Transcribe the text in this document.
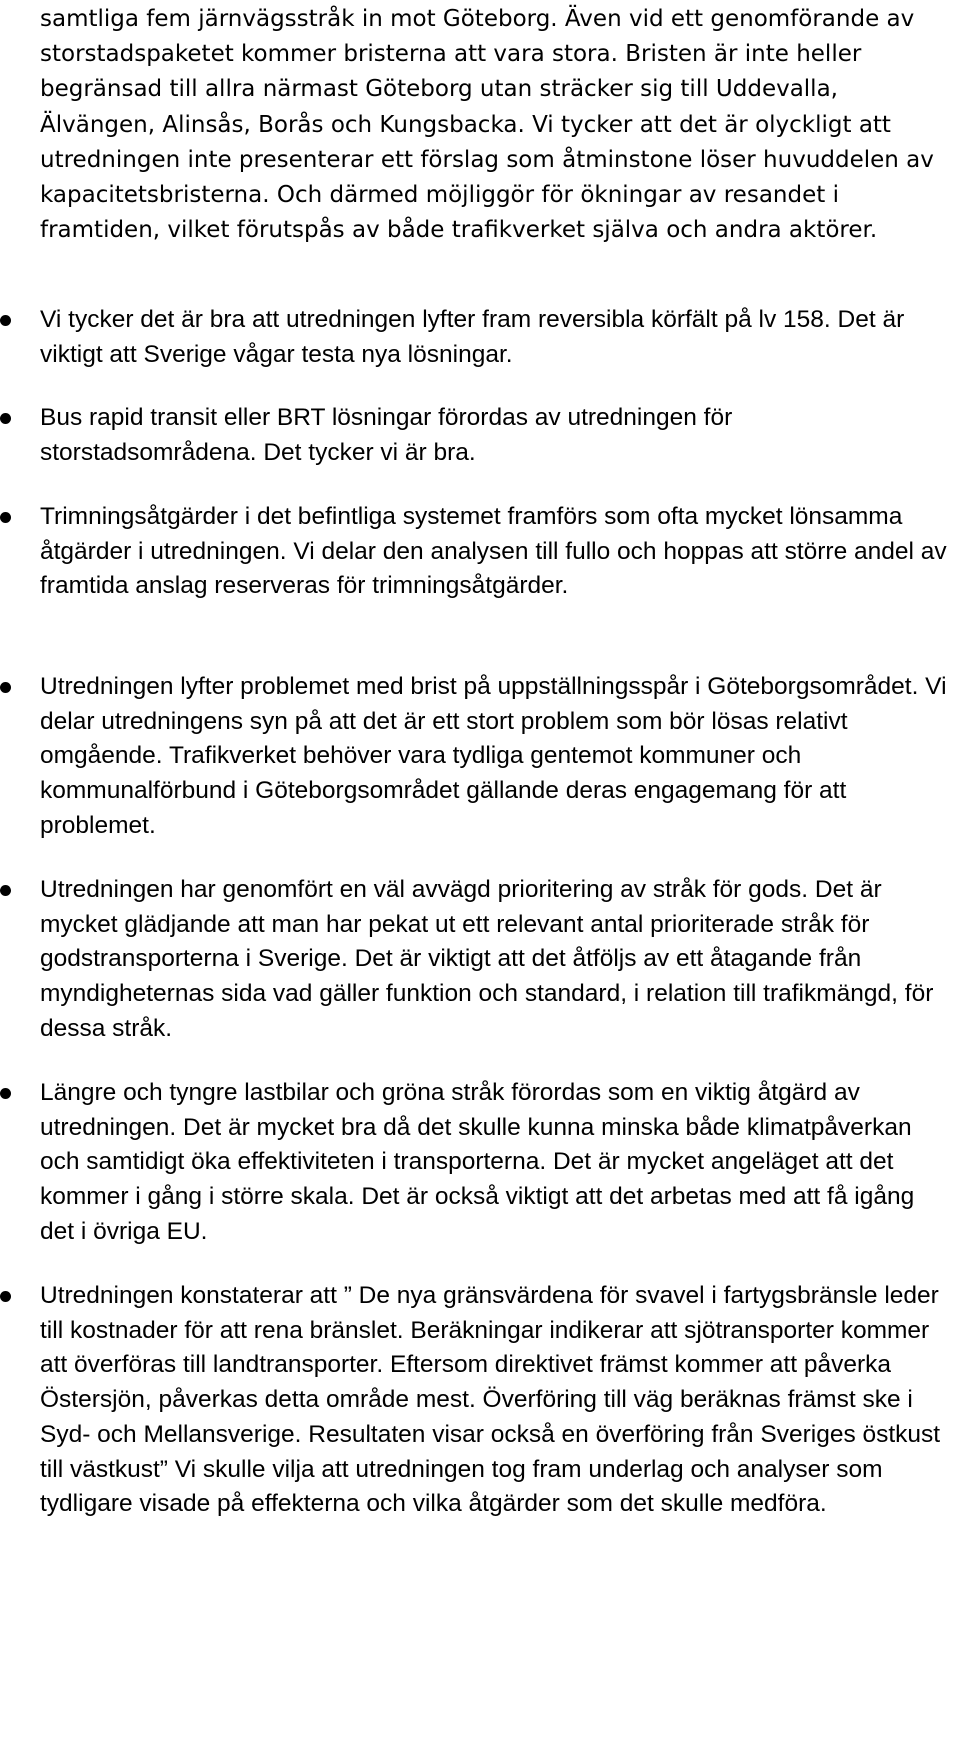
samtliga fem järnvägsstråk in mot Göteborg. Även vid ett genomförande av storstadspaketet kommer bristerna att vara stora. Bristen är inte heller begränsad till allra närmast Göteborg utan sträcker sig till Uddevalla, Älvängen, Alinsås, Borås och Kungsbacka. Vi tycker att det är olyckligt att utredningen inte presenterar ett förslag som åtminstone löser huvuddelen av kapacitetsbristerna. Och därmed möjliggör för ökningar av resandet i framtiden, vilket förutspås av både trafikverket själva och andra aktörer.

Vi tycker det är bra att utredningen lyfter fram reversibla körfält på lv 158. Det är viktigt att Sverige vågar testa nya lösningar.

Bus rapid transit eller BRT lösningar förordas av utredningen för storstadsområdena. Det tycker vi är bra.

Trimningsåtgärder i det befintliga systemet framförs som ofta mycket lönsamma åtgärder i utredningen. Vi delar den analysen till fullo och hoppas att större andel av framtida anslag reserveras för trimningsåtgärder.

Utredningen lyfter problemet med brist på uppställningsspår i Göteborgsområdet. Vi delar utredningens syn på att det är ett stort problem som bör lösas relativt omgående. Trafikverket behöver vara tydliga gentemot kommuner och kommunalförbund i Göteborgsområdet gällande deras engagemang för att problemet.

Utredningen har genomfört en väl avvägd prioritering av stråk för gods. Det är mycket glädjande att man har pekat ut ett relevant antal prioriterade stråk för godstransporterna i Sverige. Det är viktigt att det åtföljs av ett åtagande från myndigheternas sida vad gäller funktion och standard, i relation till trafikmängd, för dessa stråk.

Längre och tyngre lastbilar och gröna stråk förordas som en viktig åtgärd av utredningen. Det är mycket bra då det skulle kunna minska både klimatpåverkan och samtidigt öka effektiviteten i transporterna. Det är mycket angeläget att det kommer i gång i större skala. Det är också viktigt att det arbetas med att få igång det i övriga EU.

Utredningen konstaterar att ” De nya gränsvärdena för svavel i fartygsbränsle leder till kostnader för att rena bränslet. Beräkningar indikerar att sjötransporter kommer att överföras till landtransporter. Eftersom direktivet främst kommer att påverka Östersjön, påverkas detta område mest. Överföring till väg beräknas främst ske i Syd- och Mellansverige. Resultaten visar också en överföring från Sveriges östkust till västkust” Vi skulle vilja att utredningen tog fram underlag och analyser som tydligare visade på effekterna och vilka åtgärder som det skulle medföra.
